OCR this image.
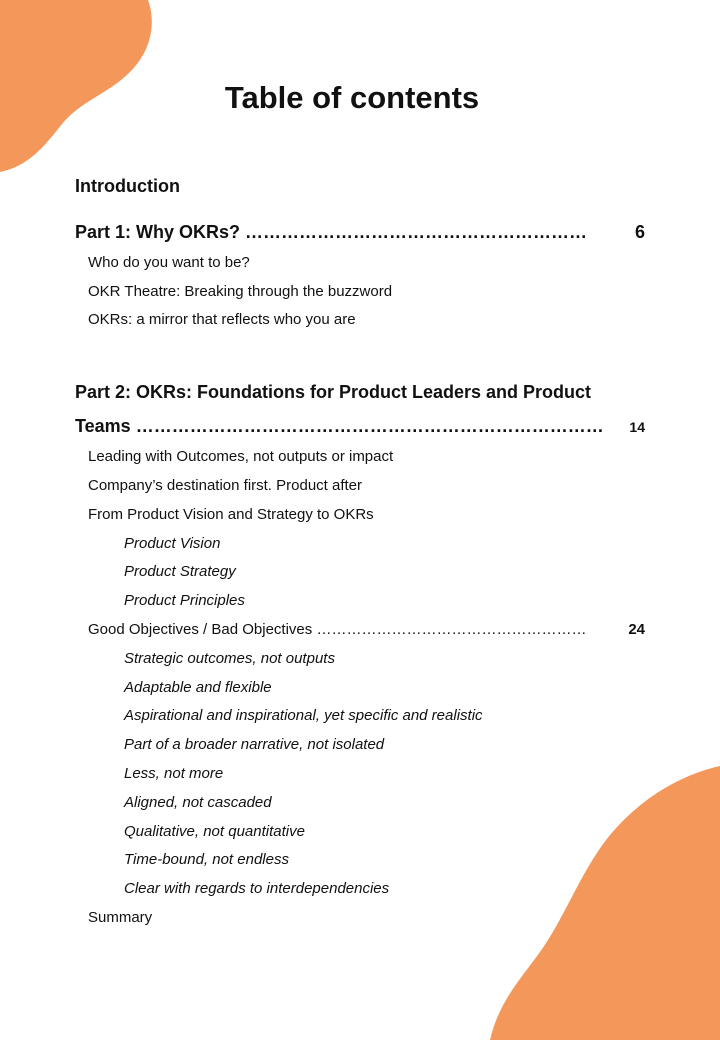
Table of contents
Introduction
Part 1: Why OKRs? …………………………………………………	6
Who do you want to be?
OKR Theatre: Breaking through the buzzword
OKRs: a mirror that reflects who you are
Part 2: OKRs: Foundations for Product Leaders and Product
Teams …………………………………………………………………… 14
Leading with Outcomes, not outputs or impact
Company’s destination first. Product after
From Product Vision and Strategy to OKRs
Product Vision
Product Strategy
Product Principles
Good Objectives / Bad Objectives ………………………………………………	24
Strategic outcomes, not outputs
Adaptable and flexible
Aspirational and inspirational, yet specific and realistic
Part of a broader narrative, not isolated
Less, not more
Aligned, not cascaded
Qualitative, not quantitative
Time-bound, not endless
Clear with regards to interdependencies
Summary
